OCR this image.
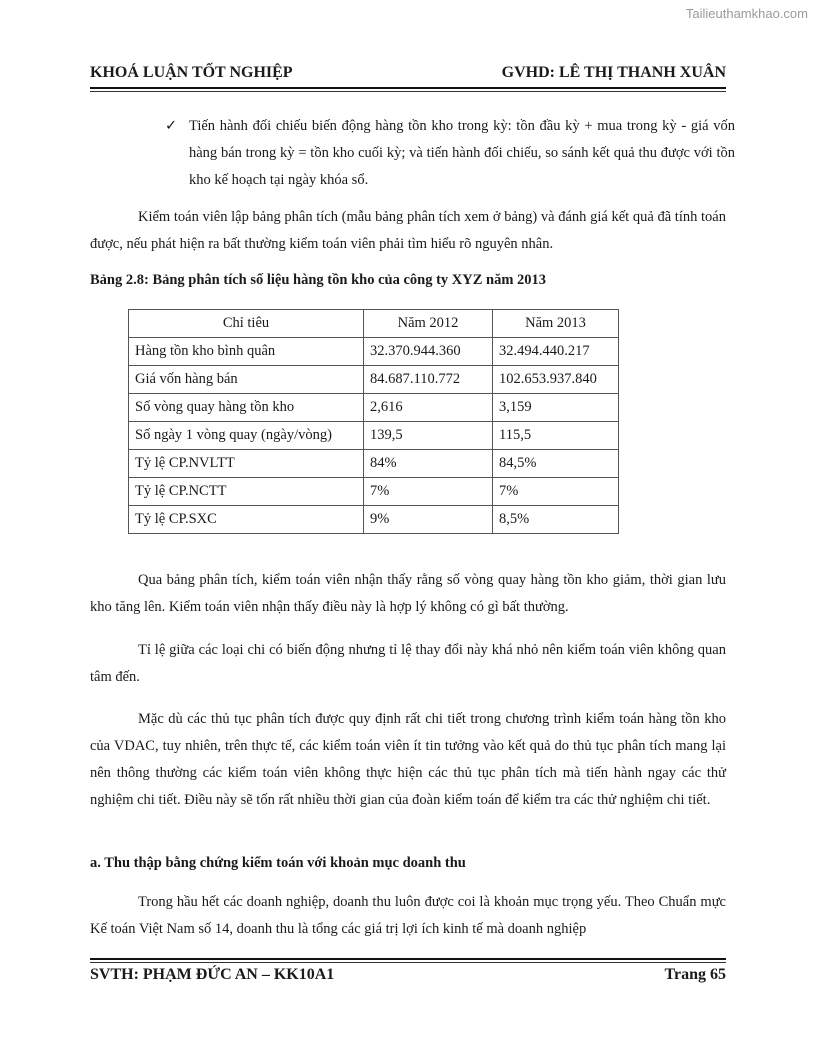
Tailieuthamkhao.com
KHOÁ LUẬN TỐT NGHIỆP	GVHD: LÊ THỊ THANH XUÂN
✓ Tiến hành đối chiếu biến động hàng tồn kho trong kỳ: tồn đầu kỳ + mua trong kỳ - giá vốn hàng bán trong kỳ = tồn kho cuối kỳ; và tiến hành đối chiếu, so sánh kết quả thu được với tồn kho kế hoạch tại ngày khóa sổ.
Kiểm toán viên lập bảng phân tích (mẫu bảng phân tích xem ở bảng) và đánh giá kết quả đã tính toán được, nếu phát hiện ra bất thường kiểm toán viên phải tìm hiểu rõ nguyên nhân.
Bảng 2.8: Bảng phân tích số liệu hàng tồn kho của công ty XYZ năm 2013
Chỉ tiêu	Năm 2012	Năm 2013
Hàng tồn kho bình quân	32.370.944.360	32.494.440.217
Giá vốn hàng bán	84.687.110.772	102.653.937.840
Số vòng quay hàng tồn kho	2,616	3,159
Số ngày 1 vòng quay (ngày/vòng)	139,5	115,5
Tỷ lệ CP.NVLTT	84%	84,5%
Tỷ lệ CP.NCTT	7%	7%
Tỷ lệ CP.SXC	9%	8,5%
Qua bảng phân tích, kiểm toán viên nhận thấy rằng số vòng quay hàng tồn kho giảm, thời gian lưu kho tăng lên. Kiểm toán viên nhận thấy điều này là hợp lý không có gì bất thường.
Tỉ lệ giữa các loại chi có biến động nhưng tỉ lệ thay đổi này khá nhỏ nên kiểm toán viên không quan tâm đến.
Mặc dù các thủ tục phân tích được quy định rất chi tiết trong chương trình kiểm toán hàng tồn kho của VDAC, tuy nhiên, trên thực tế, các kiểm toán viên ít tin tưởng vào kết quả do thủ tục phân tích mang lại nên thông thường các kiểm toán viên không thực hiện các thủ tục phân tích mà tiến hành ngay các thử nghiệm chi tiết. Điều này sẽ tốn rất nhiều thời gian của đoàn kiểm toán để kiểm tra các thử nghiệm chi tiết.
a. Thu thập bằng chứng kiểm toán với khoản mục doanh thu
Trong hầu hết các doanh nghiệp, doanh thu luôn được coi là khoản mục trọng yếu. Theo Chuẩn mực Kế toán Việt Nam số 14, doanh thu là tổng các giá trị lợi ích kinh tế mà doanh nghiệp
SVTH: PHẠM ĐỨC AN – KK10A1	Trang 65
